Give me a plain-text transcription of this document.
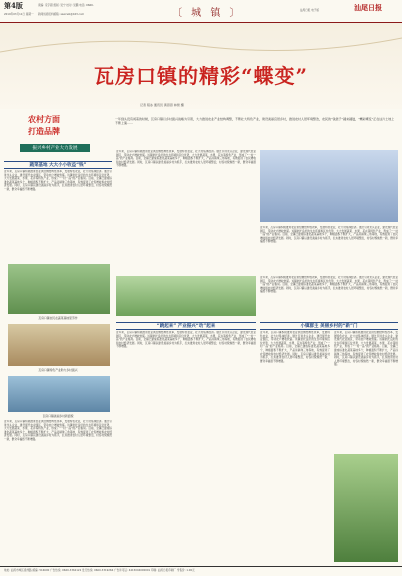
第4版
2019年03月11日 星期一
责编: 宋宇超 组版: 吴宁 校对: 吴鹏 电话: 0660-
新闻线索报料邮箱: swxrwb@163.com	〔 城 镇 〕	汕尾日报 电子版	汕尾日报
瓦房口镇的精彩“蝶变”
记者 程冰 通讯员 黄思思 林智 摄
一年到头没有闲着的时候，瓦房口镇以乡村振兴战略为引领，大力推进农业产业结构调整，不断壮大特色产业，建设美丽宜居乡村，推进农村人居环境整治，农民的“钱袋子”越来越鼓，“精彩蝶变”正在这片土地上不断上演……
农村方面
打造品牌
振兴乡村产业大力发展
蔬菜基地 大大小小收益“钱”
近年来，瓦房口镇积极推进农业供给侧结构性改革，发展特色农业，壮大村集体经济。通过引进龙头企业，建设现代农业园区，带动农户增收致富。该镇依托良好的生态环境和区位优势，大力发展蔬菜、水果、花卉等特色产业，形成了“一村一品”的产业格局。目前，全镇已建成标准化蔬菜基地多个，种植面积不断扩大，产品远销珠三角等地，有效促进了农民增收和农村经济发展。同时，瓦房口镇以建设美丽乡村为抓手，扎实推进农村人居环境整治，村容村貌焕然一新，群众幸福感不断增强。
瓦房口镇农民在蔬菜基地里劳作
瓦房口镇特色产业助力乡村振兴
瓦房口镇美丽乡村新面貌
近年来，瓦房口镇积极推进农业供给侧结构性改革，发展特色农业，壮大村集体经济。通过引进龙头企业，建设现代农业园区，带动农户增收致富。该镇依托良好的生态环境和区位优势，大力发展蔬菜、水果、花卉等特色产业，形成了“一村一品”的产业格局。目前，全镇已建成标准化蔬菜基地多个，种植面积不断扩大，产品远销珠三角等地，有效促进了农民增收和农村经济发展。同时，瓦房口镇以建设美丽乡村为抓手，扎实推进农村人居环境整治，村容村貌焕然一新，群众幸福感不断增强。
近年来，瓦房口镇积极推进农业供给侧结构性改革，发展特色农业，壮大村集体经济。通过引进龙头企业，建设现代农业园区，带动农户增收致富。该镇依托良好的生态环境和区位优势，大力发展蔬菜、水果、花卉等特色产业，形成了“一村一品”的产业格局。目前，全镇已建成标准化蔬菜基地多个，种植面积不断扩大，产品远销珠三角等地，有效促进了农民增收和农村经济发展。同时，瓦房口镇以建设美丽乡村为抓手，扎实推进农村人居环境整治，村容村貌焕然一新，群众幸福感不断增强。
近年来，瓦房口镇积极推进农业供给侧结构性改革，发展特色农业，壮大村集体经济。通过引进龙头企业，建设现代农业园区，带动农户增收致富。该镇依托良好的生态环境和区位优势，大力发展蔬菜、水果、花卉等特色产业，形成了“一村一品”的产业格局。目前，全镇已建成标准化蔬菜基地多个，种植面积不断扩大，产品远销珠三角等地，有效促进了农民增收和农村经济发展。同时，瓦房口镇以建设美丽乡村为抓手，扎实推进农村人居环境整治，村容村貌焕然一新，群众幸福感不断增强。
“跳起来” 产业振兴“动”起来	小镇群主 美丽乡村的“新”门
近年来，瓦房口镇积极推进农业供给侧结构性改革，发展特色农业，壮大村集体经济。通过引进龙头企业，建设现代农业园区，带动农户增收致富。该镇依托良好的生态环境和区位优势，大力发展蔬菜、水果、花卉等特色产业，形成了“一村一品”的产业格局。目前，全镇已建成标准化蔬菜基地多个，种植面积不断扩大，产品远销珠三角等地，有效促进了农民增收和农村经济发展。同时，瓦房口镇以建设美丽乡村为抓手，扎实推进农村人居环境整治，村容村貌焕然一新，群众幸福感不断增强。
近年来，瓦房口镇积极推进农业供给侧结构性改革，发展特色农业，壮大村集体经济。通过引进龙头企业，建设现代农业园区，带动农户增收致富。该镇依托良好的生态环境和区位优势，大力发展蔬菜、水果、花卉等特色产业，形成了“一村一品”的产业格局。目前，全镇已建成标准化蔬菜基地多个，种植面积不断扩大，产品远销珠三角等地，有效促进了农民增收和农村经济发展。同时，瓦房口镇以建设美丽乡村为抓手，扎实推进农村人居环境整治，村容村貌焕然一新，群众幸福感不断增强。
近年来，瓦房口镇积极推进农业供给侧结构性改革，发展特色农业，壮大村集体经济。通过引进龙头企业，建设现代农业园区，带动农户增收致富。该镇依托良好的生态环境和区位优势，大力发展蔬菜、水果、花卉等特色产业，形成了“一村一品”的产业格局。目前，全镇已建成标准化蔬菜基地多个，种植面积不断扩大，产品远销珠三角等地，有效促进了农民增收和农村经济发展。同时，瓦房口镇以建设美丽乡村为抓手，扎实推进农村人居环境整治，村容村貌焕然一新，群众幸福感不断增强。
近年来，瓦房口镇积极推进农业供给侧结构性改革，发展特色农业，壮大村集体经济。通过引进龙头企业，建设现代农业园区，带动农户增收致富。该镇依托良好的生态环境和区位优势，大力发展蔬菜、水果、花卉等特色产业，形成了“一村一品”的产业格局。目前，全镇已建成标准化蔬菜基地多个，种植面积不断扩大，产品远销珠三角等地，有效促进了农民增收和农村经济发展。同时，瓦房口镇以建设美丽乡村为抓手，扎实推进农村人居环境整治，村容村貌焕然一新，群众幸福感不断增强。
地址: 汕尾市城区香洲路 邮编: 516600 广告热线: 0660-3362122 发行热线: 0660-3319266 广告许可证: 4415004000001 印刷: 汕尾日报印刷厂 零售价: 1.00元
